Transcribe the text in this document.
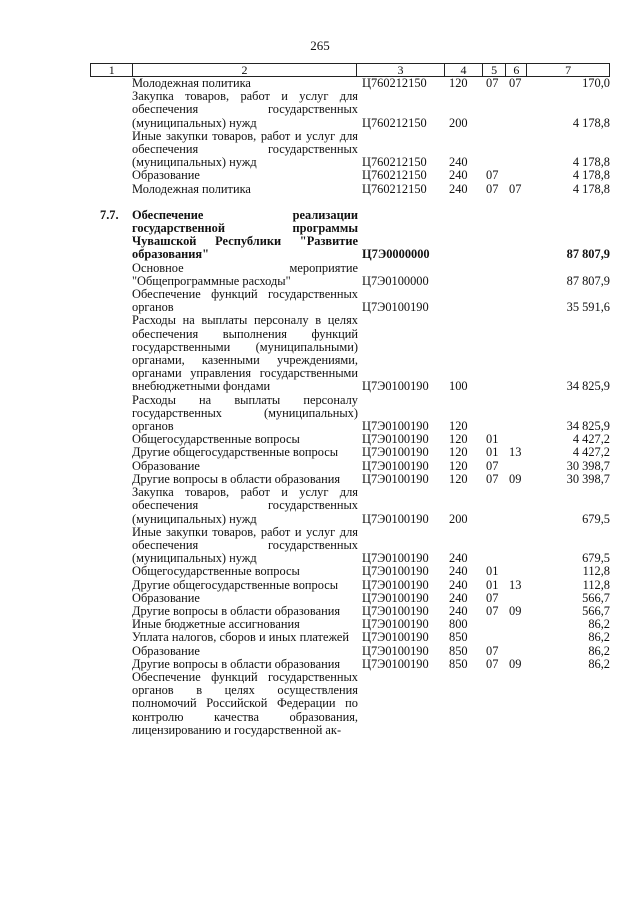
265
1	2	3	4	5	6	7
Молодежная политика	Ц760212150	120	07 07	170,0
Закупка товаров, работ и услуг для обеспечения государственных (муниципальных) нужд	Ц760212150	200	4 178,8
Иные закупки товаров, работ и услуг для обеспечения государственных (муниципальных) нужд	Ц760212150	240	4 178,8
Образование	Ц760212150	240	07	4 178,8
Молодежная политика	Ц760212150	240	07 07	4 178,8
7.7.	Обеспечение реализации государственной программы Чувашской Республики "Развитие образования"	Ц7Э0000000	87 807,9
Основное мероприятие "Общепрограммные расходы"	Ц7Э0100000	87 807,9
Обеспечение функций государственных органов	Ц7Э0100190	35 591,6
Расходы на выплаты персоналу в целях обеспечения выполнения функций государственными (муниципальными) органами, казенными учреждениями, органами управления государственными внебюджетными фондами	Ц7Э0100190	100	34 825,9
Расходы на выплаты персоналу государственных (муниципальных) органов	Ц7Э0100190	120	34 825,9
Общегосударственные вопросы	Ц7Э0100190	120	01	4 427,2
Другие общегосударственные вопросы	Ц7Э0100190	120	01 13	4 427,2
Образование	Ц7Э0100190	120	07	30 398,7
Другие вопросы в области образования	Ц7Э0100190	120	07 09	30 398,7
Закупка товаров, работ и услуг для обеспечения государственных (муниципальных) нужд	Ц7Э0100190	200	679,5
Иные закупки товаров, работ и услуг для обеспечения государственных (муниципальных) нужд	Ц7Э0100190	240	679,5
Общегосударственные вопросы	Ц7Э0100190	240	01	112,8
Другие общегосударственные вопросы	Ц7Э0100190	240	01 13	112,8
Образование	Ц7Э0100190	240	07	566,7
Другие вопросы в области образования	Ц7Э0100190	240	07 09	566,7
Иные бюджетные ассигнования	Ц7Э0100190	800	86,2
Уплата налогов, сборов и иных платежей	Ц7Э0100190	850	86,2
Образование	Ц7Э0100190	850	07	86,2
Другие вопросы в области образования	Ц7Э0100190	850	07 09	86,2
Обеспечение функций государственных органов в целях осуществления полномочий Российской Федерации по контролю качества образования, лицензированию и государственной ак-
